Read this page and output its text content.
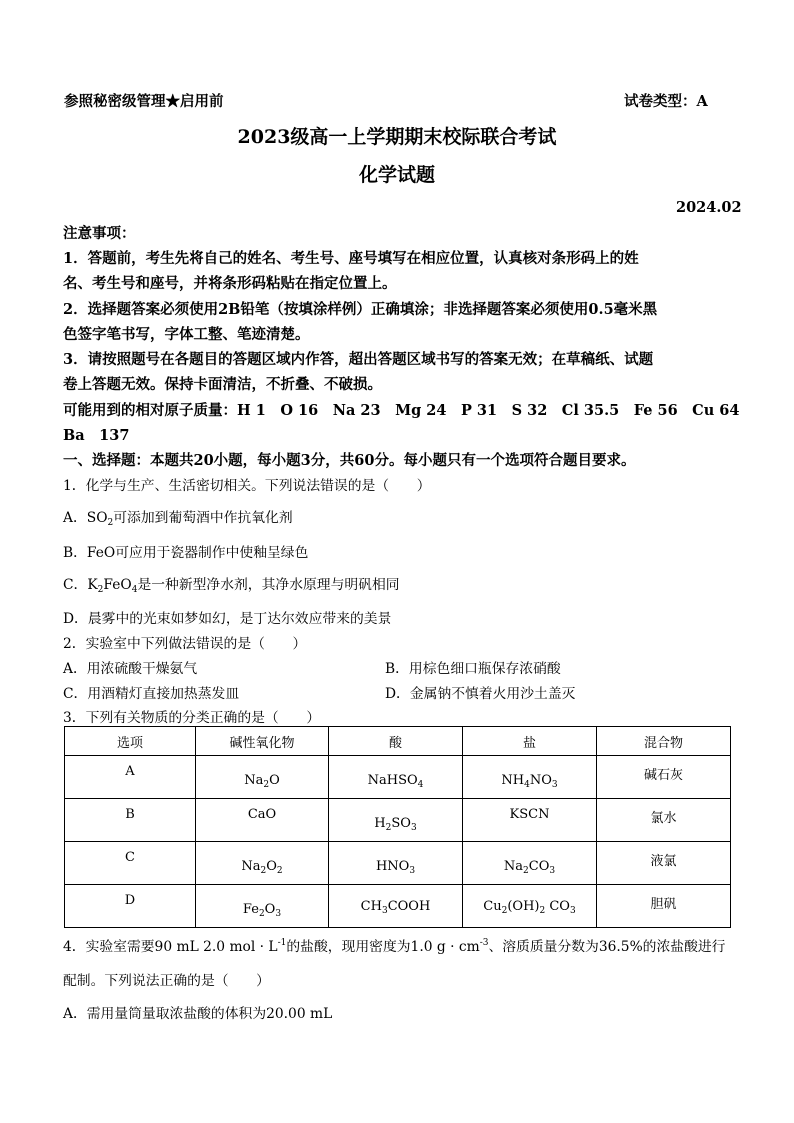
参照秘密级管理★启用前	试卷类型：A
2023级高一上学期期末校际联合考试
化学试题
2024.02
注意事项：
1．答题前，考生先将自己的姓名、考生号、座号填写在相应位置，认真核对条形码上的姓
名、考生号和座号，并将条形码粘贴在指定位置上。
2．选择题答案必须使用2B铅笔（按填涂样例）正确填涂；非选择题答案必须使用0.5毫米黑
色签字笔书写，字体工整、笔迹清楚。
3．请按照题号在各题目的答题区域内作答，超出答题区域书写的答案无效；在草稿纸、试题
卷上答题无效。保持卡面清洁，不折叠、不破损。
可能用到的相对原子质量：H 1　O 16　Na 23　Mg 24　P 31　S 32　Cl 35.5　Fe 56　Cu 64
Ba　137
一、选择题：本题共20小题，每小题3分，共60分。每小题只有一个选项符合题目要求。
1．化学与生产、生活密切相关。下列说法错误的是（　　）
A．$SO_2$可添加到葡萄酒中作抗氧化剂
B．FeO可应用于瓷器制作中使釉呈绿色
C．$K_2FeO_4$是一种新型净水剂，其净水原理与明矾相同
D．晨雾中的光束如梦如幻，是丁达尔效应带来的美景
2．实验室中下列做法错误的是（　　）
A．用浓硫酸干燥氨气	B．用棕色细口瓶保存浓硝酸
C．用酒精灯直接加热蒸发皿	D．金属钠不慎着火用沙土盖灭
3．下列有关物质的分类正确的是（　　）
选项	碱性氧化物	酸	盐	混合物

A	$Na_2O$	NaHSO$_4$	$NH_4NO_3$	碱石灰

B	CaO	$H_2SO_3$	KSCN	氯水

C	$Na_2O_2$	$HNO_3$	$Na_2CO_3$	液氯

D	$Fe_2O_3$	$CH_3COOH$	$Cu_2(OH)_2$ $CO_3$	胆矾
4．实验室需要90 mL 2.0 mol · $L^{-1}$的盐酸，现用密度为1.0 $g \cdot cm^{-3}$、溶质质量分数为36.5%的浓盐酸进行
配制。下列说法正确的是（　　）
A．需用量筒量取浓盐酸的体积为20.00 mL
